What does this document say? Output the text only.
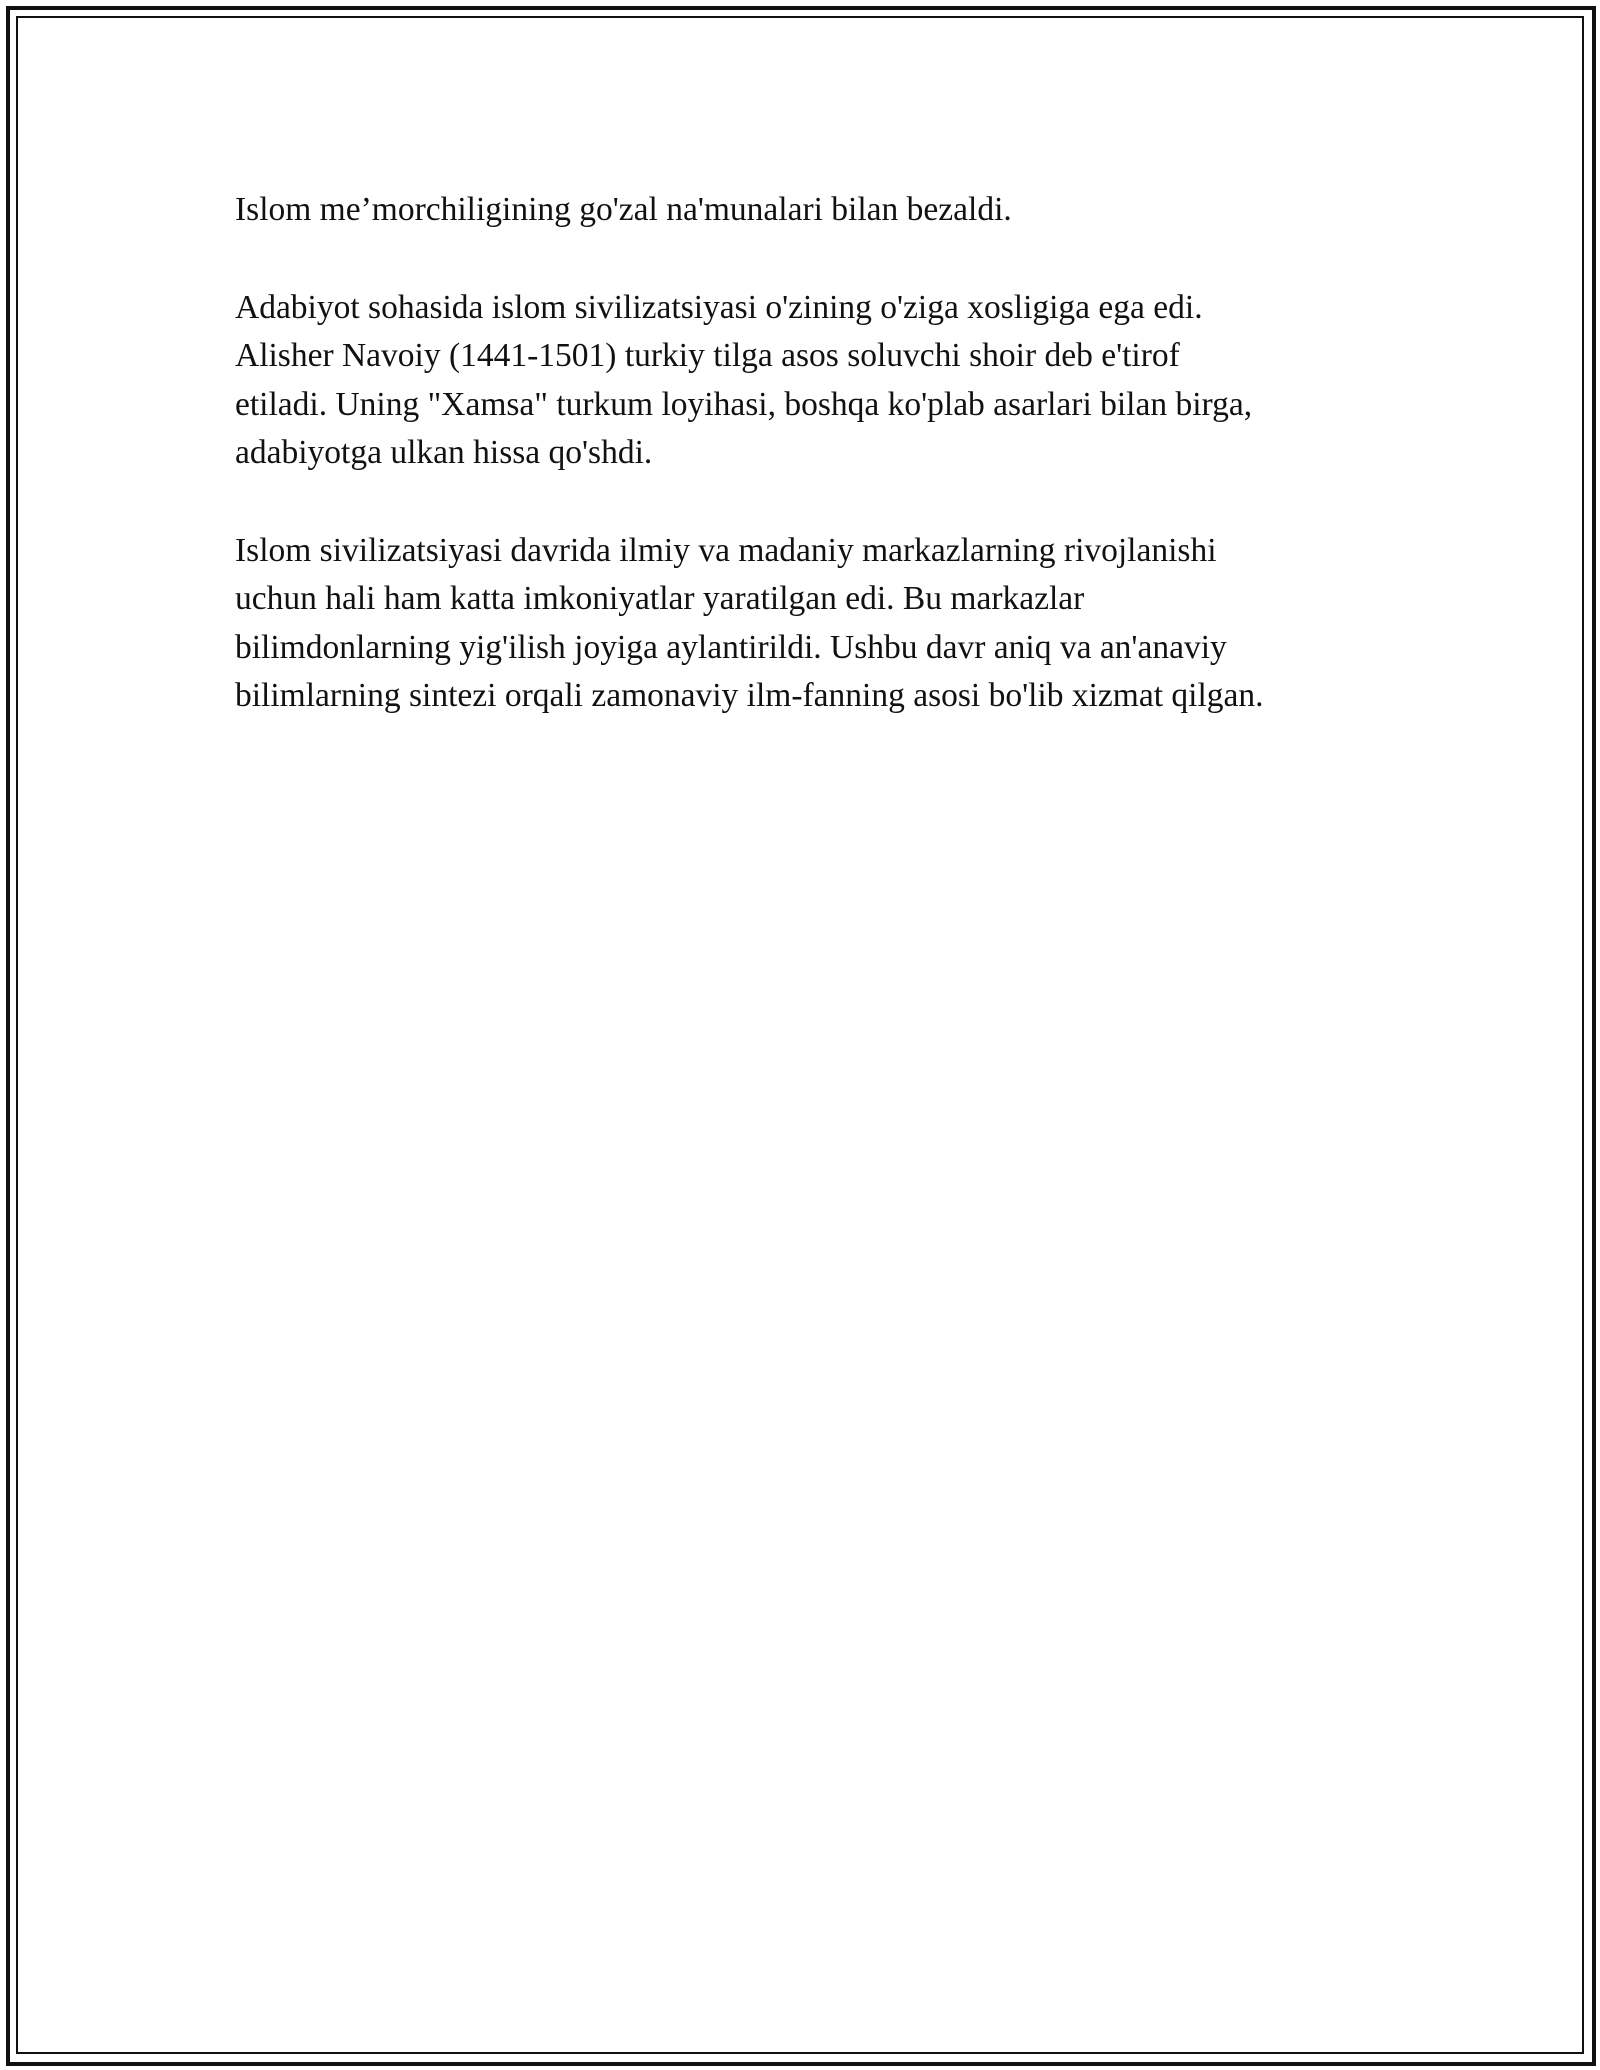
Islom me’morchiligining go'zal na'munalari bilan bezaldi.

Adabiyot sohasida islom sivilizatsiyasi o'zining o'ziga xosligiga ega edi.
Alisher Navoiy (1441-1501) turkiy tilga asos soluvchi shoir deb e'tirof
etiladi. Uning "Xamsa" turkum loyihasi, boshqa ko'plab asarlari bilan birga,
adabiyotga ulkan hissa qo'shdi.

Islom sivilizatsiyasi davrida ilmiy va madaniy markazlarning rivojlanishi
uchun hali ham katta imkoniyatlar yaratilgan edi. Bu markazlar
bilimdonlarning yig'ilish joyiga aylantirildi. Ushbu davr aniq va an'anaviy
bilimlarning sintezi orqali zamonaviy ilm-fanning asosi bo'lib xizmat qilgan.
